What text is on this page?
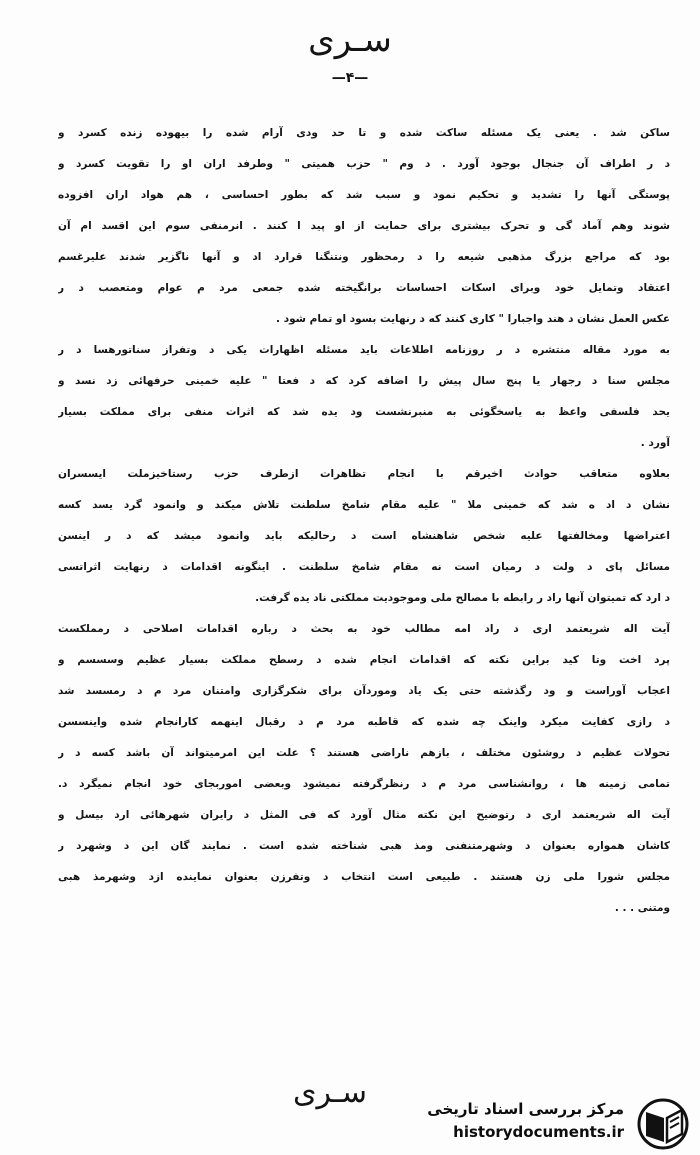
سـری
—۴—
ساکن شد . یعنی یک مسئله ساکت شده و تا حد ودی آرام شده را بیهوده زنده کسرد و
د ر اطراف آن جنجال بوجود آورد . د وم " حزب همیتی " وطرفد اران او را تقویت کسرد و
پوستگی آنها را تشدید و تحکیم نمود و سبب شد که بطور احساسی ، هم هواد اران افزوده
شوند وهم آماد گی و تحرک بیشتری برای حمایت از او پید ا کنند . انرمنفی سوم این اقسد ام آن
بود که مراجع بزرگ مذهبی شیعه را د رمحظور ونتنگنا قرارد اد و آنها ناگزیر شدند علیرغسم
اعتقاد وتمایل خود وبرای اسکات احساسات برانگیخته شده جمعی مرد م عوام ومتعصب د ر
عکس العمل نشان د هند واجبارا " کاری کنند که د رنهایت بسود او تمام شود .
به مورد مقاله منتشره د ر روزنامه اطلاعات باید مسئله اظهارات یکی د وتفراز سناتورهسا د ر
مجلس سنا د رجهار یا پنج سال پیش را اضافه کرد که د فعتا " علیه خمینی حرفهائی زد نسد و
یحد فلسفی واعظ به یاسخگوئی به منبرنشست ود یده شد که اثرات منفی برای مملکت بسیار
آورد .
بعلاوه متعاقب حوادث اخیرقم با انجام تظاهرات ازطرف حزب رستاخیزملت ایسسران
نشان د اد ه شد که خمینی ملا " علیه مقام شامخ سلطنت تلاش میکند و وانمود گرد یسد کسه
اعتراضها ومخالفتها علیه شخص شاهنشاه است د رحالیکه باید وانمود میشد که د ر اینسن
مسائل پای د ولت د رمیان است نه مقام شامخ سلطنت . اینگونه اقدامات د رنهایت اثراتسی
د ارد که تمیتوان آنها راد ر رابطه با مصالح ملی وموجودیت مملکتی ناد یده گرفت.
آیت اله شریعتمد اری د راد امه مطالب خود به بحث د رباره اقدامات اصلاحی د رمملکست
پرد اخت وتا کید براین نکته که اقدامات انجام شده د رسطح مملکت بسیار عظیم وسسسم و
اعجاب آوراست و ود رگذشته حتی یک یاد وموردآن برای شکرگزاری وامتنان مرد م د رمسسد شد
د رازی کفایت میکرد واینک چه شده که قاطبه مرد م د رقبال اینهمه کارانجام شده واینسسن
تحولات عظیم د روشئون مختلف ، بازهم ناراضی هستند ؟ علت این امرمیتواند آن باشد کسه د ر
تمامی زمینه ها ، روانشناسی مرد م د رنظرگرفته نمیشود وبعضی اموربجای خود انجام نمیگرد د.
آیت اله شریعتمد اری د رتوضیح این نکته مثال آورد که فی المثل د رایران شهرهائی ارد بیسل و
کاشان همواره بعنوان د وشهرمتنفنی ومذ هبی شناخته شده است . نمایند گان این د وشهرد ر
مجلس شورا ملی زن هستند . طبیعی است انتخاب د وتفرزن بعنوان نماینده ازد وشهرمذ هبی
ومتنی . . .
سـری	مرکز بررسی اسناد تاریخی
historydocuments.ir
